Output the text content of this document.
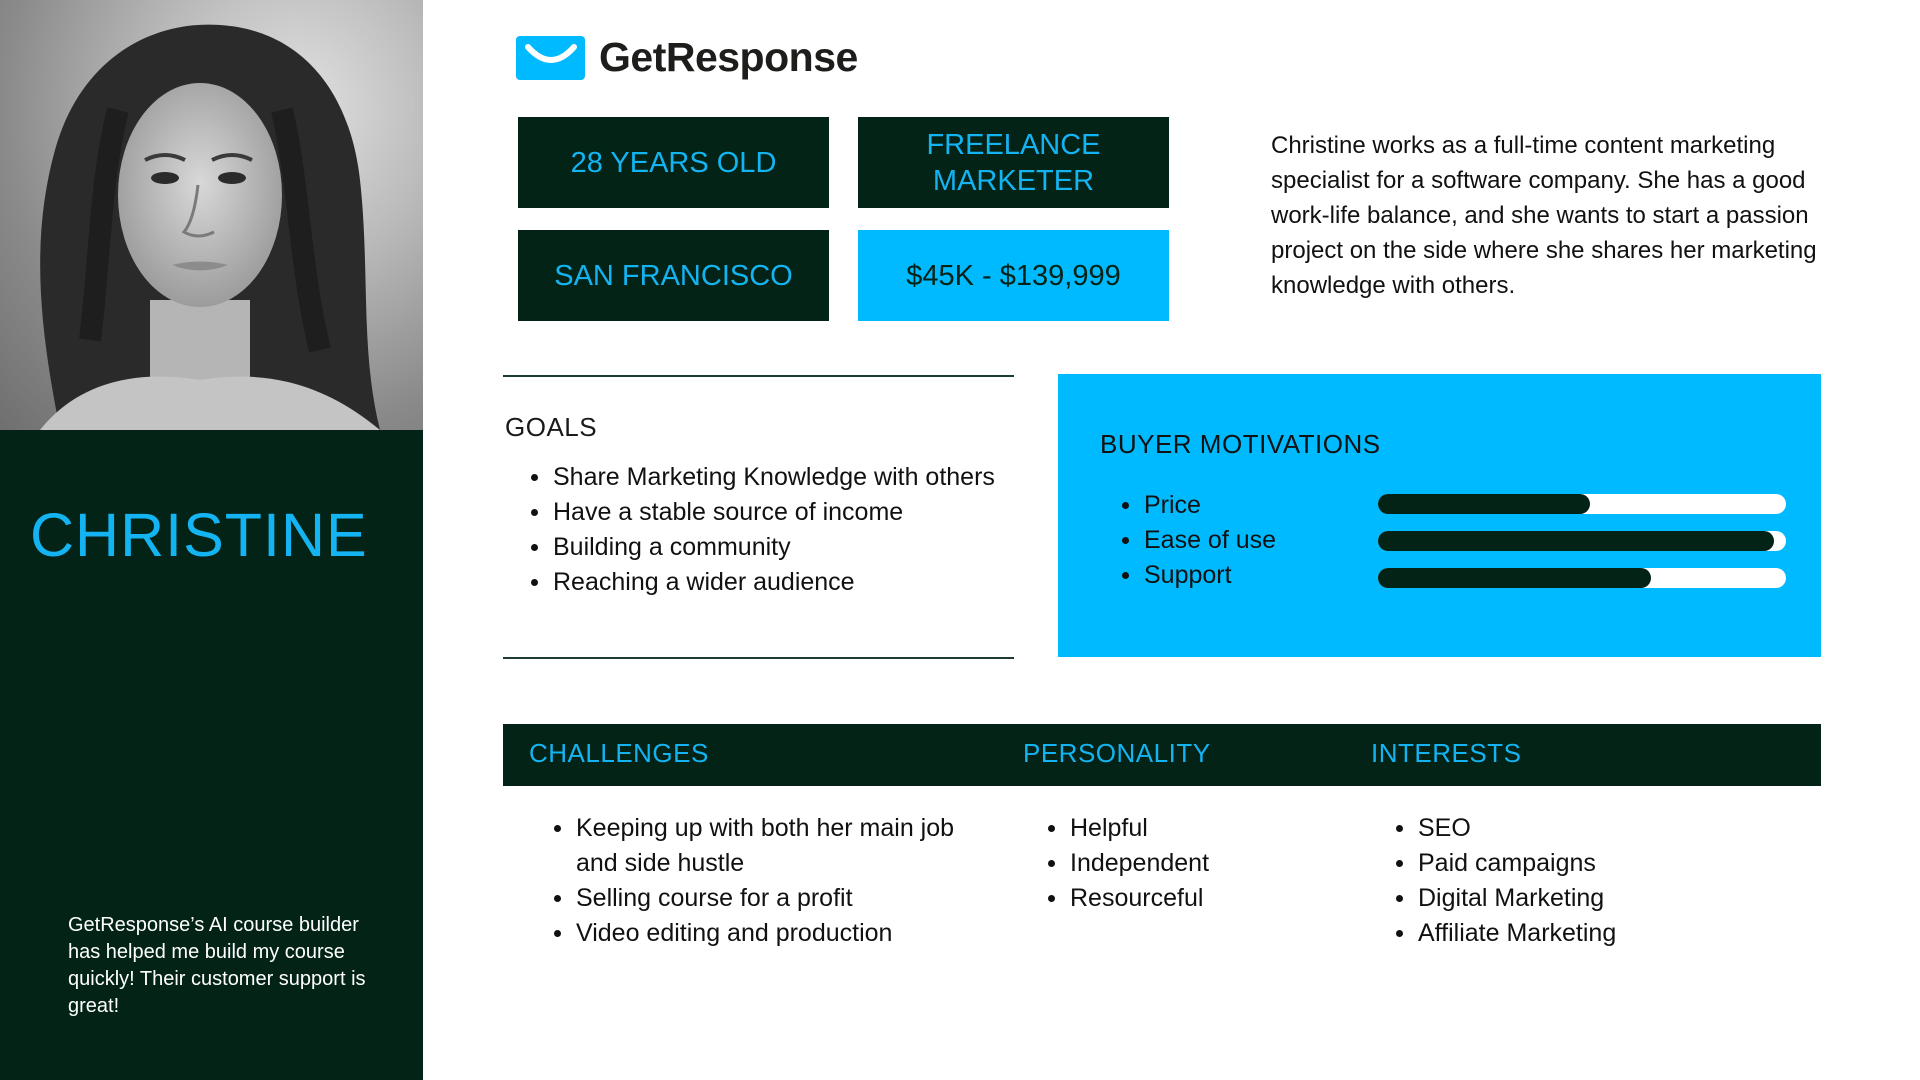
CHRISTINE
GetResponse’s AI course builder has helped me build my course quickly! Their customer support is great!
GetResponse
28 YEARS OLD
FREELANCE MARKETER
SAN FRANCISCO	$45K - $139,999
Christine works as a full-time content marketing specialist for a software company. She has a good work-life balance, and she wants to start a passion project on the side where she shares her marketing knowledge with others.
GOALS
Share Marketing Knowledge with others
Have a stable source of income
Building a community
Reaching a wider audience
BUYER MOTIVATIONS
Price
Ease of use
Support
CHALLENGES	PERSONALITY	INTERESTS
Keeping up with both her main job and side hustle
Selling course for a profit
Video editing and production
Helpful
Independent
Resourceful
SEO
Paid campaigns
Digital Marketing
Affiliate Marketing
